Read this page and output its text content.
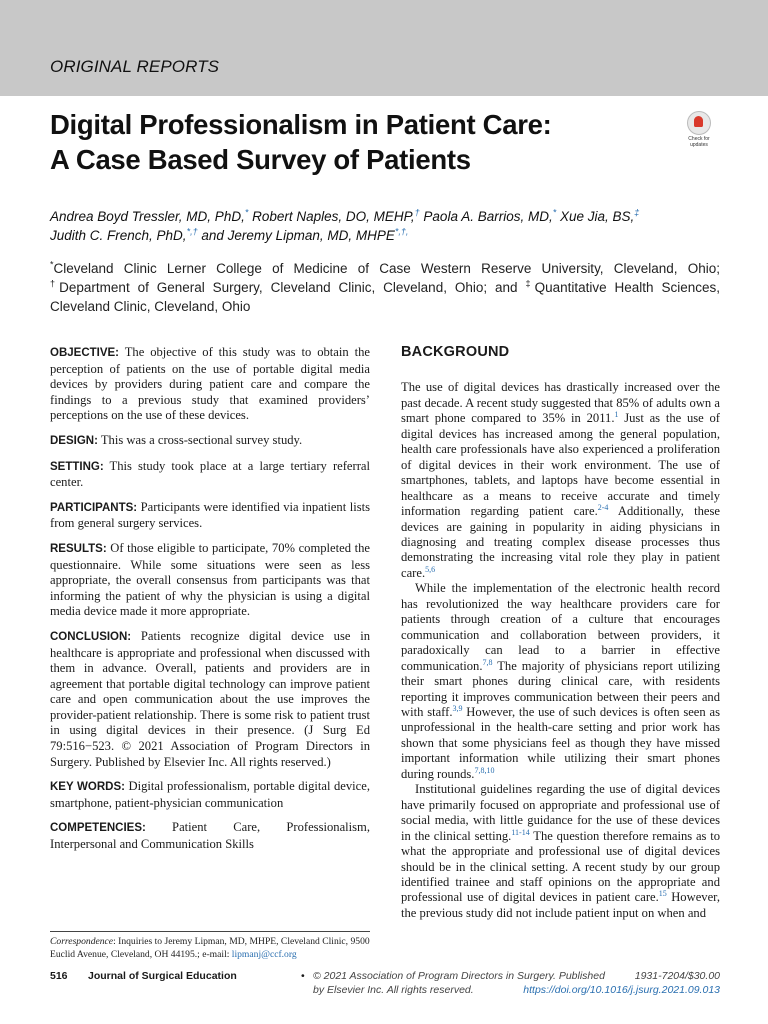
ORIGINAL REPORTS
Digital Professionalism in Patient Care:
A Case Based Survey of Patients
Check for updates
Andrea Boyd Tressler, MD, PhD,* Robert Naples, DO, MEHP,† Paola A. Barrios, MD,* Xue Jia, BS,‡
Judith C. French, PhD,*,† and Jeremy Lipman, MD, MHPE*,†,
*Cleveland Clinic Lerner College of Medicine of Case Western Reserve University, Cleveland, Ohio; †Department of General Surgery, Cleveland Clinic, Cleveland, Ohio; and ‡Quantitative Health Sciences, Cleveland Clinic, Cleveland, Ohio

OBJECTIVE: The objective of this study was to obtain the perception of patients on the use of portable digital media devices by providers during patient care and compare the findings to a previous study that examined providers’ perceptions on the use of these devices.

DESIGN: This was a cross-sectional survey study.

SETTING: This study took place at a large tertiary referral center.

PARTICIPANTS: Participants were identified via inpatient lists from general surgery services.

RESULTS: Of those eligible to participate, 70% completed the questionnaire. While some situations were seen as less appropriate, the overall consensus from participants was that informing the patient of why the physician is using a digital media device made it more appropriate.

CONCLUSION: Patients recognize digital device use in healthcare is appropriate and professional when discussed with them in advance. Overall, patients and providers are in agreement that portable digital technology can improve patient care and open communication about the use improves the provider-patient relationship. There is some risk to patient trust in using digital devices in their presence. (J Surg Ed 79:516−523. © 2021 Association of Program Directors in Surgery. Published by Elsevier Inc. All rights reserved.)

KEY WORDS: Digital professionalism, portable digital device, smartphone, patient-physician communication

COMPETENCIES: Patient Care, Professionalism, Interpersonal and Communication Skills

Correspondence: Inquiries to Jeremy Lipman, MD, MHPE, Cleveland Clinic, 9500 Euclid Avenue, Cleveland, OH 44195.; e-mail: lipmanj@ccf.org
BACKGROUND

The use of digital devices has drastically increased over the past decade. A recent study suggested that 85% of adults own a smart phone compared to 35% in 2011.$^1$ Just as the use of digital devices has increased among the general population, health care professionals have also experienced a proliferation of digital devices in their work environment. The use of smartphones, tablets, and laptops have become essential in healthcare as a means to receive accurate and timely information regarding patient care.$^{2-4}$ Additionally, these devices are gaining in popularity in aiding physicians in diagnosing and treating complex disease processes thus demonstrating the increasing vital role they play in patient care.$^{5,6}$

While the implementation of the electronic health record has revolutionized the way healthcare providers care for patients through creation of a culture that encourages communication and collaboration between providers, it paradoxically can lead to a barrier in effective communication.$^{7,8}$ The majority of physicians report utilizing their smart phones during clinical care, with residents reporting it improves communication between their peers and with staff.$^{3,9}$ However, the use of such devices is often seen as unprofessional in the health-care setting and prior work has shown that some physicians feel as though they have missed important information while utilizing their smart phones during rounds.$^{7,8,10}$

Institutional guidelines regarding the use of digital devices have primarily focused on appropriate and professional use of social media, with little guidance for the use of these devices in the clinical setting.$^{11-14}$ The question therefore remains as to what the appropriate and professional use of digital devices should be in the clinical setting. A recent study by our group identified trainee and staff opinions on the appropriate and professional use of digital devices in patient care.$^{15}$ However, the previous study did not include patient input on when and

516 Journal of Surgical Education	• © 2021 Association of Program Directors in Surgery. Published by Elsevier Inc. All rights reserved.
1931-7204/$30.00
https://doi.org/10.1016/j.jsurg.2021.09.013
